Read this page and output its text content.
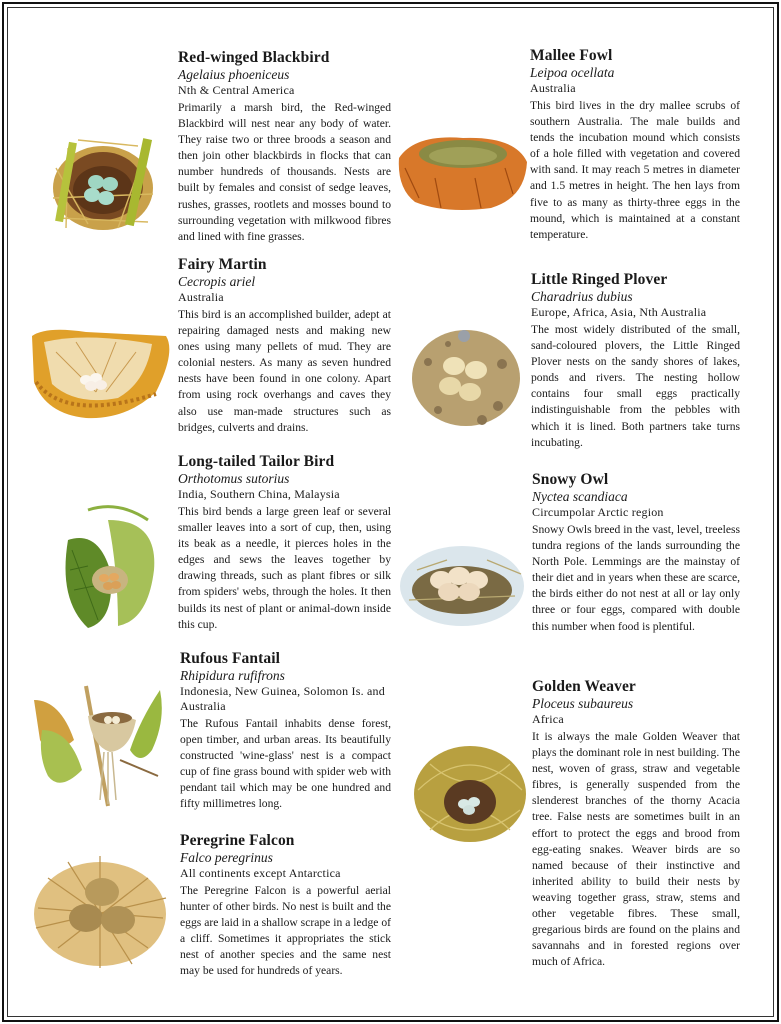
Red-winged Blackbird
Agelaius phoeniceus
Nth & Central America
Primarily a marsh bird, the Red-winged Blackbird will nest near any body of water. They raise two or three broods a season and then join other blackbirds in flocks that can number hundreds of thousands. Nests are built by females and consist of sedge leaves, rushes, grasses, rootlets and mosses bound to surrounding vegetation with milkwood fibres and lined with fine grasses.
Fairy Martin
Cecropis ariel
Australia
This bird is an accomplished builder, adept at repairing damaged nests and making new ones using many pellets of mud. They are colonial nesters. As many as seven hundred nests have been found in one colony. Apart from using rock overhangs and caves they also use man-made structures such as bridges, culverts and drains.
Long-tailed Tailor Bird
Orthotomus sutorius
India, Southern China, Malaysia
This bird bends a large green leaf or several smaller leaves into a sort of cup, then, using its beak as a needle, it pierces holes in the edges and sews the leaves together by drawing threads, such as plant fibres or silk from spiders' webs, through the holes. It then builds its nest of plant or animal-down inside this cup.
Rufous Fantail
Rhipidura rufifrons
Indonesia, New Guinea, Solomon Is. and Australia
The Rufous Fantail inhabits dense forest, open timber, and urban areas. Its beautifully constructed 'wine-glass' nest is a compact cup of fine grass bound with spider web with pendant tail which may be one hundred and fifty millimetres long.
Peregrine Falcon
Falco peregrinus
All continents except Antarctica
The Peregrine Falcon is a powerful aerial hunter of other birds. No nest is built and the eggs are laid in a shallow scrape in a ledge of a cliff. Sometimes it appropriates the stick nest of another species and the same nest may be used for hundreds of years.
Mallee Fowl
Leipoa ocellata
Australia
This bird lives in the dry mallee scrubs of southern Australia. The male builds and tends the incubation mound which consists of a hole filled with vegetation and covered with sand. It may reach 5 metres in diameter and 1.5 metres in height. The hen lays from five to as many as thirty-three eggs in the mound, which is maintained at a constant temperature.
Little Ringed Plover
Charadrius dubius
Europe, Africa, Asia, Nth Australia
The most widely distributed of the small, sand-coloured plovers, the Little Ringed Plover nests on the sandy shores of lakes, ponds and rivers. The nesting hollow contains four small eggs practically indistinguishable from the pebbles with which it is lined. Both partners take turns incubating.
Snowy Owl
Nyctea scandiaca
Circumpolar Arctic region
Snowy Owls breed in the vast, level, treeless tundra regions of the lands surrounding the North Pole. Lemmings are the mainstay of their diet and in years when these are scarce, the birds either do not nest at all or lay only three or four eggs, compared with double this number when food is plentiful.
Golden Weaver
Ploceus subaureus
Africa
It is always the male Golden Weaver that plays the dominant role in nest building. The nest, woven of grass, straw and vegetable fibres, is generally suspended from the slenderest branches of the thorny Acacia tree. False nests are sometimes built in an effort to protect the eggs and brood from egg-eating snakes. Weaver birds are so named because of their instinctive and inherited ability to build their nests by weaving together grass, straw, stems and other vegetable fibres. These small, gregarious birds are found on the plains and savannahs and in forested regions over much of Africa.
